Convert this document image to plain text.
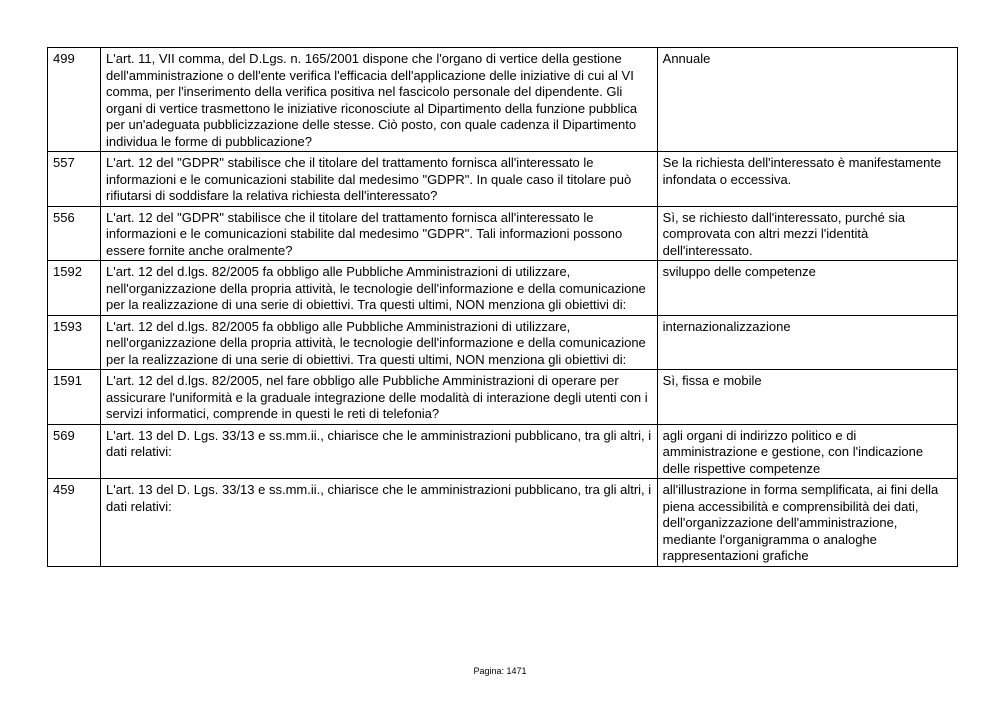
499	L'art. 11, VII comma, del D.Lgs. n. 165/2001 dispone che l'organo di vertice della gestione dell'amministrazione o dell'ente verifica l'efficacia dell'applicazione delle iniziative di cui al VI comma, per l'inserimento della verifica positiva nel fascicolo personale del dipendente. Gli organi di vertice trasmettono le iniziative riconosciute al Dipartimento della funzione pubblica per un'adeguata pubblicizzazione delle stesse. Ciò posto, con quale cadenza il Dipartimento individua le forme di pubblicazione?	Annuale
557	L'art. 12 del "GDPR" stabilisce che il titolare del trattamento fornisca all'interessato le informazioni e le comunicazioni stabilite dal medesimo "GDPR". In quale caso il titolare può rifiutarsi di soddisfare la relativa richiesta dell'interessato?	Se la richiesta dell'interessato è manifestamente infondata o eccessiva.
556	L'art. 12 del "GDPR" stabilisce che il titolare del trattamento fornisca all'interessato le informazioni e le comunicazioni stabilite dal medesimo "GDPR". Tali informazioni possono essere fornite anche oralmente?	Sì, se richiesto dall'interessato, purché sia comprovata con altri mezzi l'identità dell'interessato.
1592	L'art. 12 del d.lgs. 82/2005 fa obbligo alle Pubbliche Amministrazioni di utilizzare, nell'organizzazione della propria attività, le tecnologie dell'informazione e della comunicazione per la realizzazione di una serie di obiettivi. Tra questi ultimi, NON menziona gli obiettivi di:	sviluppo delle competenze
1593	L'art. 12 del d.lgs. 82/2005 fa obbligo alle Pubbliche Amministrazioni di utilizzare, nell'organizzazione della propria attività, le tecnologie dell'informazione e della comunicazione per la realizzazione di una serie di obiettivi. Tra questi ultimi, NON menziona gli obiettivi di:	internazionalizzazione
1591	L'art. 12 del d.lgs. 82/2005, nel fare obbligo alle Pubbliche Amministrazioni di operare per assicurare l'uniformità e la graduale integrazione delle modalità di interazione degli utenti con i servizi informatici, comprende in questi le reti di telefonia?	Sì, fissa e mobile
569	L'art. 13 del D. Lgs. 33/13 e ss.mm.ii., chiarisce che le amministrazioni pubblicano, tra gli altri, i dati relativi:	agli organi di indirizzo politico e di amministrazione e gestione, con l'indicazione delle rispettive competenze
459	L'art. 13 del D. Lgs. 33/13 e ss.mm.ii., chiarisce che le amministrazioni pubblicano, tra gli altri, i dati relativi:	all'illustrazione in forma semplificata, ai fini della piena accessibilità e comprensibilità dei dati, dell'organizzazione dell'amministrazione, mediante l'organigramma o analoghe rappresentazioni grafiche
Pagina: 1471
